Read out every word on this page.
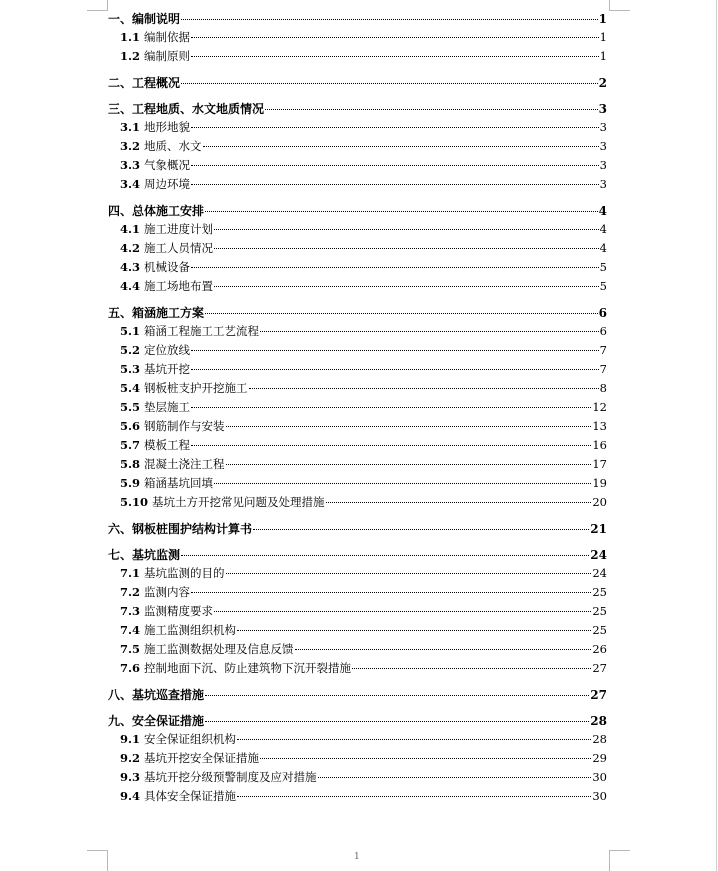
一、编制说明	1
1.1 编制依据	1
1.2 编制原则	1
二、工程概况	2
三、工程地质、水文地质情况	3
3.1 地形地貌	3
3.2 地质、水文	3
3.3 气象概况	3
3.4 周边环境	3
四、总体施工安排	4
4.1 施工进度计划	4
4.2 施工人员情况	4
4.3 机械设备	5
4.4 施工场地布置	5
五、箱涵施工方案	6
5.1 箱涵工程施工工艺流程	6
5.2 定位放线	7
5.3 基坑开挖	7
5.4 钢板桩支护开挖施工	8
5.5 垫层施工	12
5.6 钢筋制作与安装	13
5.7 模板工程	16
5.8 混凝土浇注工程	17
5.9 箱涵基坑回填	19
5.10 基坑土方开挖常见问题及处理措施	20
六、钢板桩围护结构计算书	21
七、基坑监测	24
7.1 基坑监测的目的	24
7.2 监测内容	25
7.3 监测精度要求	25
7.4 施工监测组织机构	25
7.5 施工监测数据处理及信息反馈	26
7.6 控制地面下沉、防止建筑物下沉开裂措施	27
八、基坑巡查措施	27
九、安全保证措施	28
9.1 安全保证组织机构	28
9.2 基坑开挖安全保证措施	29
9.3 基坑开挖分级预警制度及应对措施	30
9.4 具体安全保证措施	30
1
